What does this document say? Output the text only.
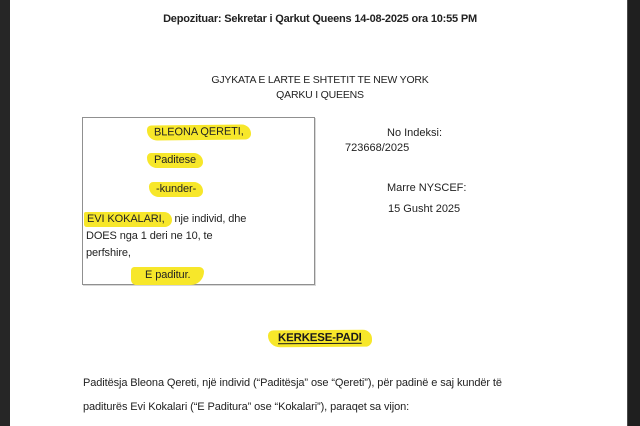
Depozituar: Sekretar i Qarkut Queens 14-08-2025 ora 10:55 PM
GJYKATA E LARTE E SHTETIT TE NEW YORK
QARKU I QUEENS
BLEONA QERETI,
Paditese
-kunder-
EVI KOKALARI, nje individ, dhe
DOES nga 1 deri ne 10, te
perfshire,
E paditur.
No Indeksi:
723668/2025
Marre NYSCEF:
15 Gusht 2025
KERKESE-PADI
Paditësja Bleona Qereti, një individ (“Paditësja” ose “Qereti”), për padinë e saj kundër të
paditurës Evi Kokalari (“E Paditura” ose “Kokalari”), paraqet sa vijon:
